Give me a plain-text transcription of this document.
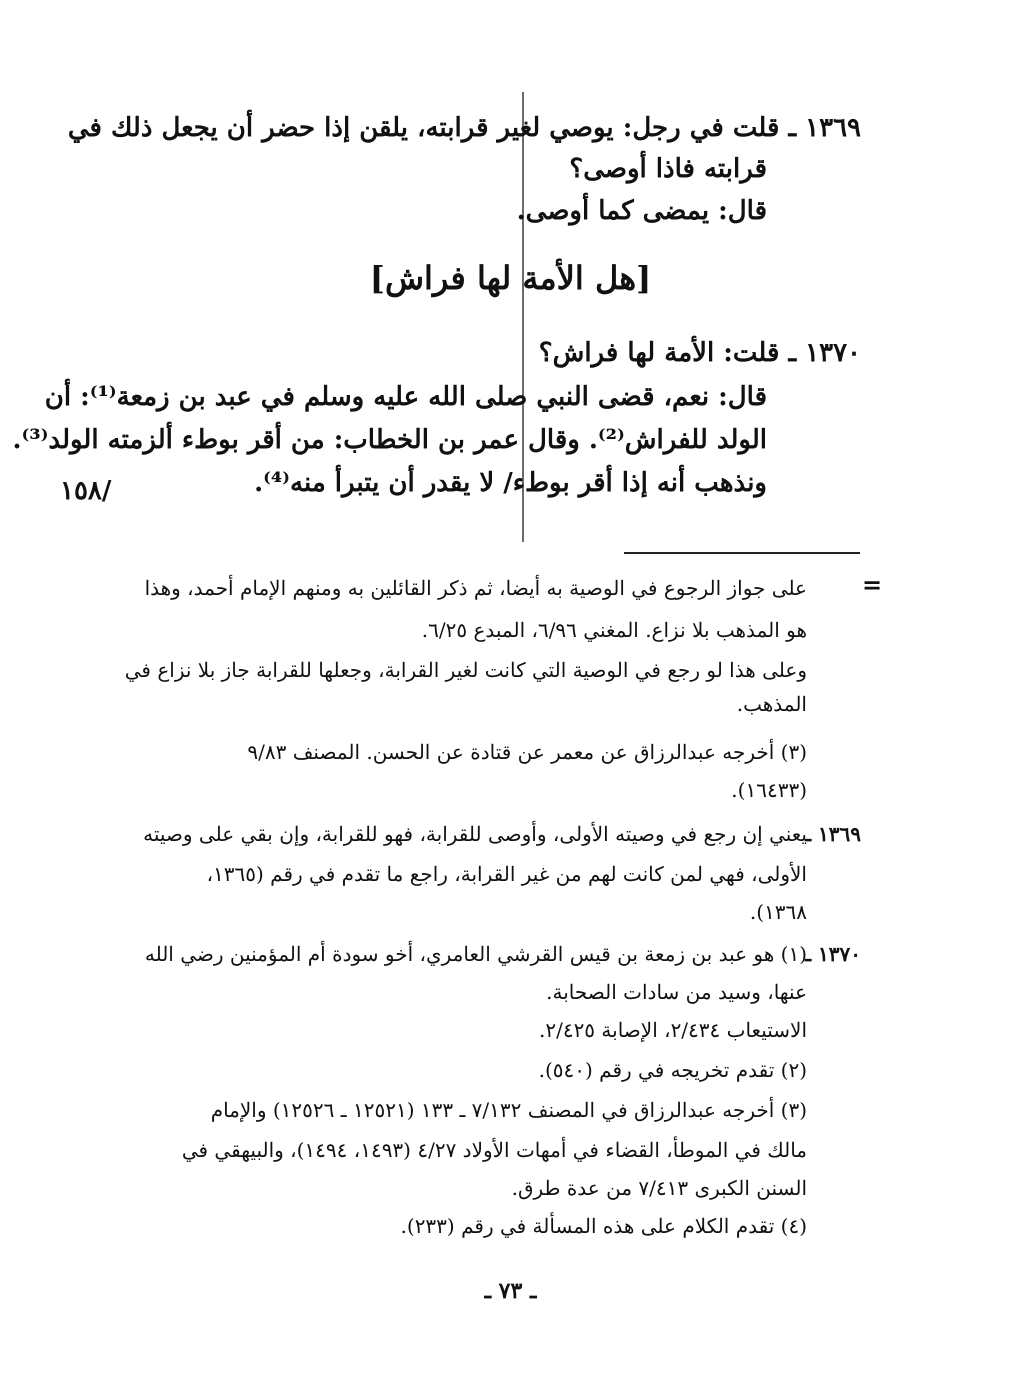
١٣٦٩ ـ قلت في رجل: يوصي لغير قرابته، يلقن إذا حضر أن يجعل ذلك في
قرابته فاذا أوصى؟
قال: يمضى كما أوصى.
[هل الأمة لها فراش]
١٣٧٠ ـ قلت: الأمة لها فراش؟
قال: نعم، قضى النبي صلى الله عليه وسلم في عبد بن زمعة⁽¹⁾: أن
الولد للفراش⁽²⁾. وقال عمر بن الخطاب: من أقر بوطء ألزمته الولد⁽³⁾.
ونذهب أنه إذا أقر بوطء/ لا يقدر أن يتبرأ منه⁽⁴⁾.
/١٥٨
=
على جواز الرجوع في الوصية به أيضا، ثم ذكر القائلين به ومنهم الإمام أحمد، وهذا
هو المذهب بلا نزاع. المغني ٦/٩٦، المبدع ٦/٢٥.
وعلى هذا لو رجع في الوصية التي كانت لغير القرابة، وجعلها للقرابة جاز بلا نزاع في
المذهب.
(٣) أخرجه عبدالرزاق عن معمر عن قتادة عن الحسن. المصنف ٩/٨٣
(١٦٤٣٣).
١٣٦٩ ـ
يعني إن رجع في وصيته الأولى، وأوصى للقرابة، فهو للقرابة، وإن بقي على وصيته
الأولى، فهي لمن كانت لهم من غير القرابة، راجع ما تقدم في رقم (١٣٦٥،
١٣٦٨).
١٣٧٠ ـ
(١) هو عبد بن زمعة بن قيس القرشي العامري، أخو سودة أم المؤمنين رضي الله
عنها، وسيد من سادات الصحابة.
الاستيعاب ٢/٤٣٤، الإصابة ٢/٤٢٥.
(٢) تقدم تخريجه في رقم (٥٤٠).
(٣) أخرجه عبدالرزاق في المصنف ٧/١٣٢ ـ ١٣٣ (١٢٥٢١ ـ ١٢٥٢٦) والإمام
مالك في الموطأ، القضاء في أمهات الأولاد ٤/٢٧ (١٤٩٣، ١٤٩٤)، والبيهقي في
السنن الكبرى ٧/٤١٣ من عدة طرق.
(٤) تقدم الكلام على هذه المسألة في رقم (٢٣٣).
ـ ٧٣ ـ
